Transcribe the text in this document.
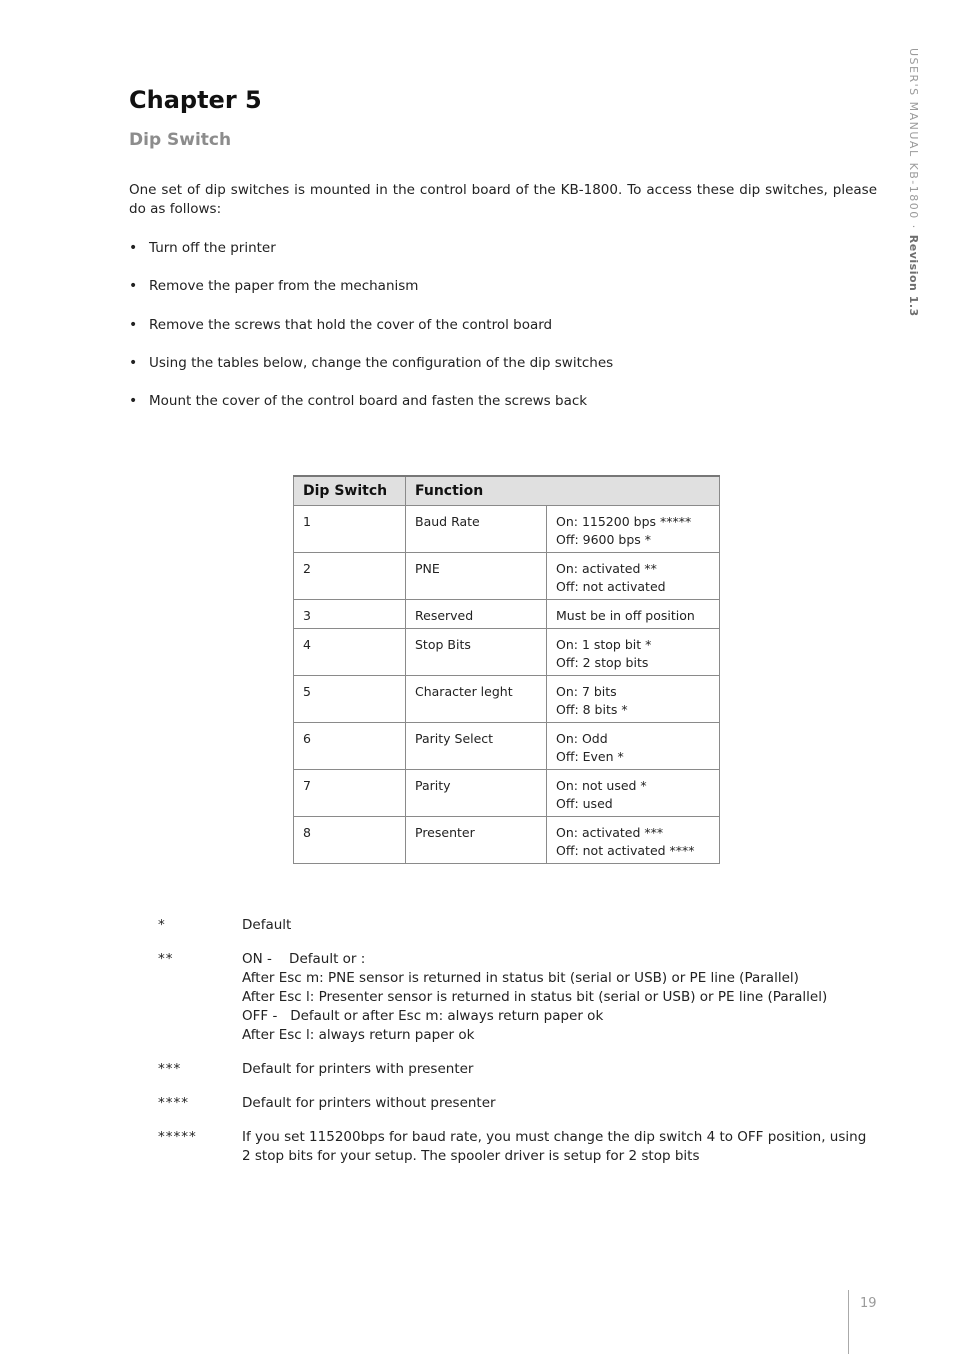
USER'S MANUAL KB-1800 · Revision 1.3
Chapter 5
Dip Switch

One set of dip switches is mounted in the control board of the KB-1800. To access these dip switches, please do as follows:

• Turn off the printer
• Remove the paper from the mechanism
• Remove the screws that hold the cover of the control board
• Using the tables below, change the configuration of the dip switches
• Mount the cover of the control board and fasten the screws back
Dip Switch	Function	
1	Baud Rate	On: 115200 bps *****
Off: 9600 bps *

2	PNE	On: activated **
Off: not activated

3	Reserved	Must be in off position

4	Stop Bits	On: 1 stop bit *
Off: 2 stop bits

5	Character leght	On: 7 bits
Off: 8 bits *

6	Parity Select	On: Odd
Off: Even *

7	Parity	On: not used *
Off: used

8	Presenter	On: activated ***
Off: not activated ****
*	Default
**	ON -    Default or :
After Esc m: PNE sensor is returned in status bit (serial or USB) or PE line (Parallel)
After Esc l: Presenter sensor is returned in status bit (serial or USB) or PE line (Parallel)
OFF -   Default or after Esc m: always return paper ok
After Esc l: always return paper ok
***	Default for printers with presenter
****	Default for printers without presenter
*****	If you set 115200bps for baud rate, you must change the dip switch 4 to OFF position, using 2 stop bits for your setup. The spooler driver is setup for 2 stop bits
19
